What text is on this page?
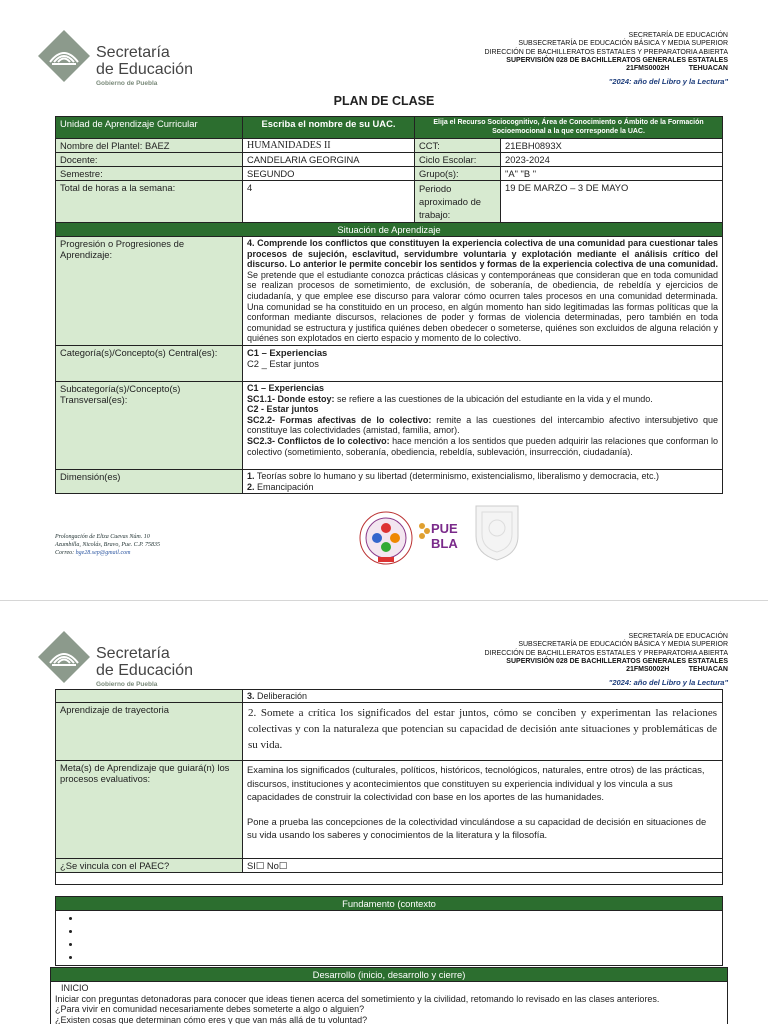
Secretaría
de Educación
Gobierno de Puebla
SECRETARÍA DE EDUCACIÓN
SUBSECRETARÍA DE EDUCACIÓN BÁSICA Y MEDIA SUPERIOR
DIRECCIÓN DE BACHILLERATOS ESTATALES Y PREPARATORIA ABIERTA
SUPERVISIÓN 028 DE BACHILLERATOS GENERALES ESTATALES
21FMS0002H          TEHUACAN
"2024: año del Libro y la Lectura"
PLAN DE CLASE
Unidad de Aprendizaje Curricular	Escriba el nombre de su UAC.	Elija el Recurso Sociocognitivo, Área de Conocimiento o Ámbito de la Formación Socioemocional a la que corresponde la UAC.	
Nombre del Plantel: BAEZ	HUMANIDADES II	CCT:	21EBH0893X
Docente:	CANDELARIA GEORGINA	Ciclo Escolar:	2023-2024
Semestre:	SEGUNDO	Grupo(s):	"A" "B "
Total de horas a la semana:	4	Periodo aproximado de trabajo:	19 DE MARZO – 3 DE MAYO
Situación de Aprendizaje			
Progresión o Progresiones de Aprendizaje:	4. Comprende los conflictos que constituyen la experiencia colectiva de una comunidad para cuestionar tales procesos de sujeción, esclavitud, servidumbre voluntaria y explotación mediante el análisis crítico del discurso. Lo anterior le permite concebir los sentidos y formas de la experiencia colectiva de una comunidad. Se pretende que el estudiante conozca prácticas clásicas y contemporáneas que consideran que en toda comunidad se realizan procesos de sometimiento, de exclusión, de soberanía, de obediencia, de rebeldía y ejercicios de ciudadanía, y que emplee ese discurso para valorar cómo ocurren tales procesos en una comunidad determinada. Una comunidad se ha constituido en un proceso, en algún momento han sido legitimadas las formas políticas que la conforman mediante discursos, relaciones de poder y formas de violencia determinadas, pero también en toda comunidad se estructura y justifica quiénes deben obedecer o someterse, quiénes son excluidos de alguna relación y quiénes son explotados en cierto espacio y momento de lo colectivo.		
Categoría(s)/Concepto(s) Central(es):	C1 – Experiencias
C2 _ Estar juntos		

Subcategoría(s)/Concepto(s) Transversal(es):	C1 – Experiencias
SC1.1- Donde estoy: se refiere a las cuestiones de la ubicación del estudiante en la vida y el mundo.
C2 - Estar juntos
SC2.2- Formas afectivas de lo colectivo: remite a las cuestiones del intercambio afectivo intersubjetivo que constituye las colectividades (amistad, familia, amor).
SC2.3- Conflictos de lo colectivo: hace mención a los sentidos que pueden adquirir las relaciones que conforman lo colectivo (sometimiento, soberanía, obediencia, rebeldía, sublevación, insurrección, ciudadanía).		

Dimensión(es)	1. Teorías sobre lo humano y su libertad (determinismo, existencialismo, liberalismo y democracia, etc.)
2. Emancipación		
Prolongación de Eliza Cuevas Núm. 10
Azumbilla, Nicolás, Bravo, Pue. C.P. 75835
Correo: bge28.sep@gmail.com
PUE
BLA
Secretaría
de Educación
Gobierno de Puebla
SECRETARÍA DE EDUCACIÓN
SUBSECRETARÍA DE EDUCACIÓN BÁSICA Y MEDIA SUPERIOR
DIRECCIÓN DE BACHILLERATOS ESTATALES Y PREPARATORIA ABIERTA
SUPERVISIÓN 028 DE BACHILLERATOS GENERALES ESTATALES
21FMS0002H          TEHUACAN
"2024: año del Libro y la Lectura"
	3. Deliberación
Aprendizaje de trayectoria	2. Somete a crítica los significados del estar juntos, cómo se conciben y experimentan las relaciones colectivas y con la naturaleza que potencian su capacidad de decisión ante situaciones y problemáticas de su vida.
Meta(s) de Aprendizaje que guiará(n) los procesos evaluativos:	Examina los significados (culturales, políticos, históricos, tecnológicos, naturales, entre otros) de las prácticas, discursos, instituciones y acontecimientos que constituyen su experiencia individual y los vincula a sus capacidades de construir la colectividad con base en los aportes de las humanidades.
Pone a prueba las concepciones de la colectividad vinculándose a su capacidad de decisión en situaciones de su vida usando los saberes y conocimientos de la literatura y la filosofía.

¿Se vincula con el PAEC?	SI☐ No☐

Fundamento (contexto

•
•
•
•
Desarrollo (inicio, desarrollo y cierre)

INICIO
Iniciar con preguntas detonadoras para conocer que ideas tienen acerca del sometimiento y la civilidad, retomando lo revisado en las clases anteriores.
¿Para vivir en comunidad necesariamente debes someterte a algo o alguien?
¿Existen cosas que determinan cómo eres y que van más allá de tu voluntad?
